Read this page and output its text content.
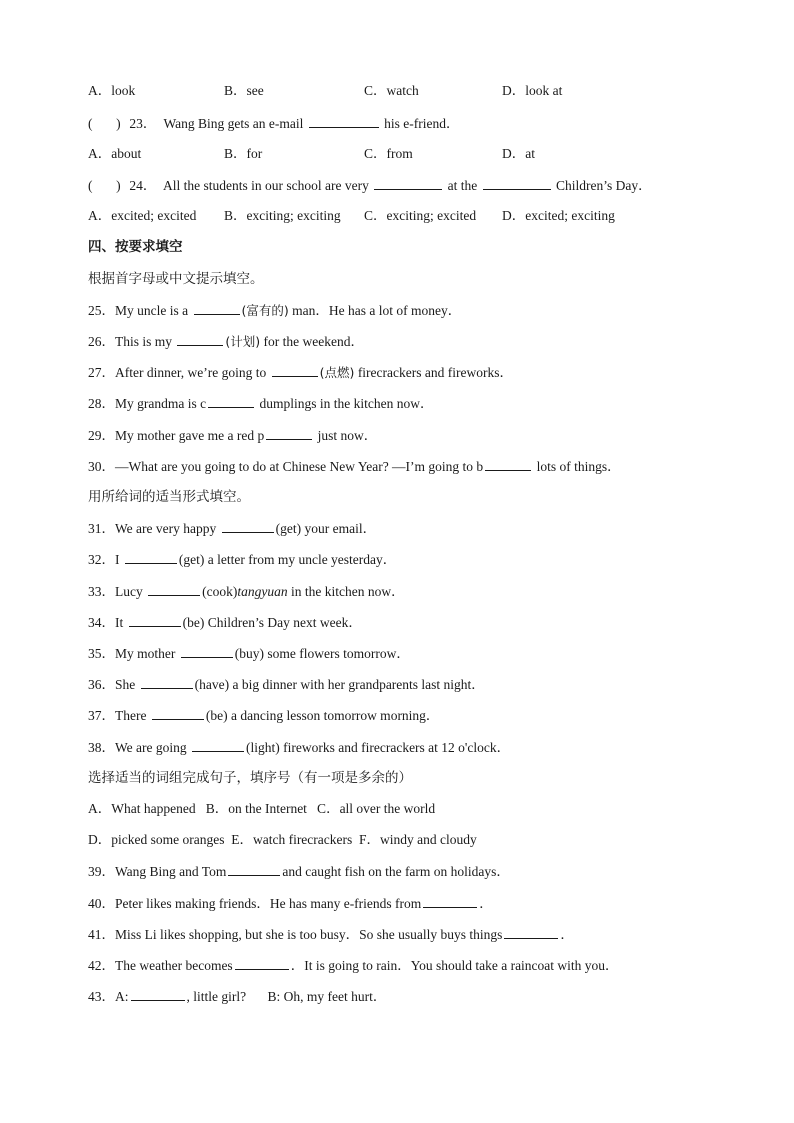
A．look	B．see	C．watch	D．look at
( ) 23． Wang Bing gets an e-mail	his e-friend．
A．about	B．for	C．from	D．at
( ) 24． All the students in our school are very	at the	Children’s Day．
A．excited; excited B．exciting; exciting C．exciting; excited D．excited; exciting
四、按要求填空
根据首字母或中文提示填空。
25．My uncle is a	(富有的) man．He has a lot of money．
26．This is my	(计划) for the weekend．
27．After dinner, we’re going to	(点燃) firecrackers and fireworks．
28．My grandma is c	dumplings in the kitchen now．
29．My mother gave me a red p	just now．
30．—What are you going to do at Chinese New Year? —I’m going to b	lots of things．
用所给词的适当形式填空。
31．We are very happy	(get) your email．
32．I	(get) a letter from my uncle yesterday．
33．Lucy	(cook)tangyuan in the kitchen now．
34．It	(be) Children’s Day next week．
35．My mother	(buy) some flowers tomorrow．
36．She	(have) a big dinner with her grandparents last night．
37．There	(be) a dancing lesson tomorrow morning．
38．We are going	(light) fireworks and firecrackers at 12 o'clock．
选择适当的词组完成句子，填序号（有一项是多余的）
A．What happened   B．on the Internet   C．all over the world
D．picked some oranges  E．watch firecrackers  F．windy and cloudy
39．Wang Bing and Tom	and caught fish on the farm on holidays．
40．Peter likes making friends．He has many e-friends from	．
41．Miss Li likes shopping, but she is too busy．So she usually buys things	．
42．The weather becomes	．It is going to rain．You should take a raincoat with you．
43．A:	, little girl? B: Oh, my feet hurt．
